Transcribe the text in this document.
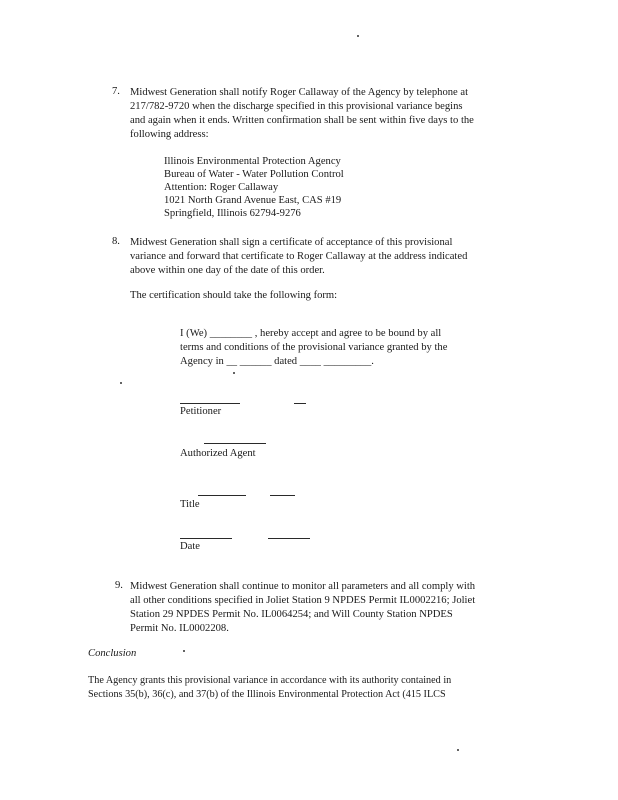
7. Midwest Generation shall notify Roger Callaway of the Agency by telephone at
217/782-9720 when the discharge specified in this provisional variance begins
and again when it ends. Written confirmation shall be sent within five days to the
following address:
Illinois Environmental Protection Agency
Bureau of Water - Water Pollution Control
Attention: Roger Callaway
1021 North Grand Avenue East, CAS #19
Springfield, Illinois 62794-9276
8. Midwest Generation shall sign a certificate of acceptance of this provisional
variance and forward that certificate to Roger Callaway at the address indicated
above within one day of the date of this order.
The certification should take the following form:
I (We) ________ , hereby accept and agree to be bound by all
terms and conditions of the provisional variance granted by the
Agency in __ ______ dated ____ _________.
Petitioner
Authorized Agent
Title
Date
9. Midwest Generation shall continue to monitor all parameters and all comply with
all other conditions specified in Joliet Station 9 NPDES Permit IL0002216; Joliet
Station 29 NPDES Permit No. IL0064254; and Will County Station NPDES
Permit No. IL0002208.
Conclusion
The Agency grants this provisional variance in accordance with its authority contained in
Sections 35(b), 36(c), and 37(b) of the Illinois Environmental Protection Act (415 ILCS
